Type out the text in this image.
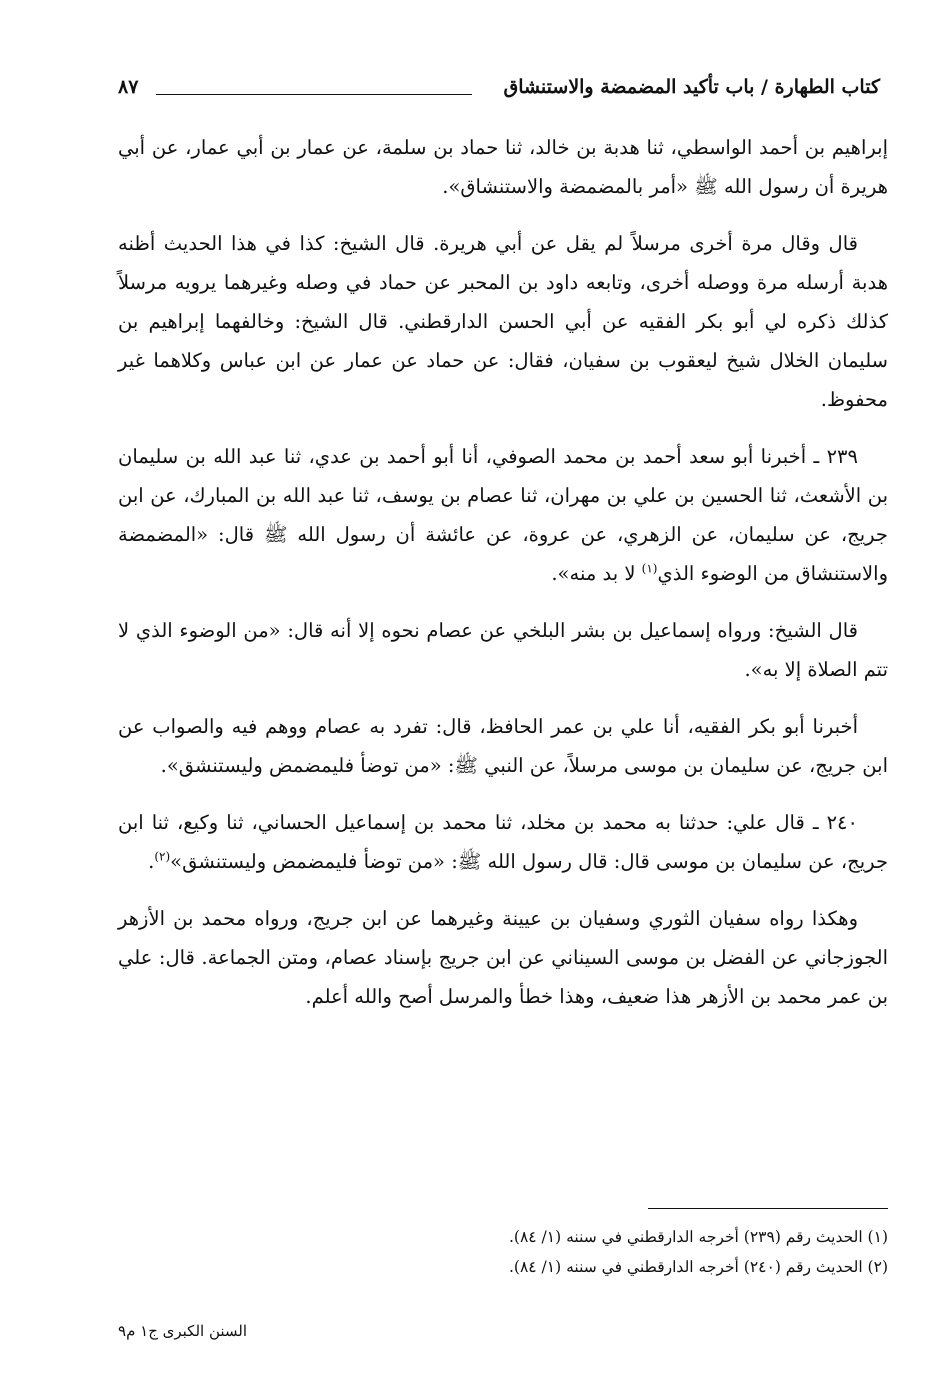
كتاب الطهارة / باب تأكيد المضمضة والاستنشاق
٨٧

إبراهيم بن أحمد الواسطي، ثنا هدبة بن خالد، ثنا حماد بن سلمة، عن عمار بن أبي عمار، عن أبي هريرة أن رسول الله ﷺ «أمر بالمضمضة والاستنشاق».

قال وقال مرة أخرى مرسلاً لم يقل عن أبي هريرة. قال الشيخ: كذا في هذا الحديث أظنه هدبة أرسله مرة ووصله أخرى، وتابعه داود بن المحبر عن حماد في وصله وغيرهما يرويه مرسلاً كذلك ذكره لي أبو بكر الفقيه عن أبي الحسن الدارقطني. قال الشيخ: وخالفهما إبراهيم بن سليمان الخلال شيخ ليعقوب بن سفيان، فقال: عن حماد عن عمار عن ابن عباس وكلاهما غير محفوظ.

٢٣٩ ـ أخبرنا أبو سعد أحمد بن محمد الصوفي، أنا أبو أحمد بن عدي، ثنا عبد الله بن سليمان بن الأشعث، ثنا الحسين بن علي بن مهران، ثنا عصام بن يوسف، ثنا عبد الله بن المبارك، عن ابن جريج، عن سليمان، عن الزهري، عن عروة، عن عائشة أن رسول الله ﷺ قال: «المضمضة والاستنشاق من الوضوء الذي$^{(١)}$ لا بد منه».

قال الشيخ: ورواه إسماعيل بن بشر البلخي عن عصام نحوه إلا أنه قال: «من الوضوء الذي لا تتم الصلاة إلا به».

أخبرنا أبو بكر الفقيه، أنا علي بن عمر الحافظ، قال: تفرد به عصام ووهم فيه والصواب عن ابن جريج، عن سليمان بن موسى مرسلاً، عن النبي ﷺ: «من توضأ فليمضمض وليستنشق».

٢٤٠ ـ قال علي: حدثنا به محمد بن مخلد، ثنا محمد بن إسماعيل الحساني، ثنا وكيع، ثنا ابن جريج، عن سليمان بن موسى قال: قال رسول الله ﷺ: «من توضأ فليمضمض وليستنشق»$^{(٢)}$.

وهكذا رواه سفيان الثوري وسفيان بن عيينة وغيرهما عن ابن جريج، ورواه محمد بن الأزهر الجوزجاني عن الفضل بن موسى السيناني عن ابن جريج بإسناد عصام، ومتن الجماعة. قال: علي بن عمر محمد بن الأزهر هذا ضعيف، وهذا خطأ والمرسل أصح والله أعلم.

(١) الحديث رقم (٢٣٩) أخرجه الدارقطني في سننه (١/ ٨٤).

(٢) الحديث رقم (٢٤٠) أخرجه الدارقطني في سننه (١/ ٨٤).

السنن الكبرى ج١ م٩
